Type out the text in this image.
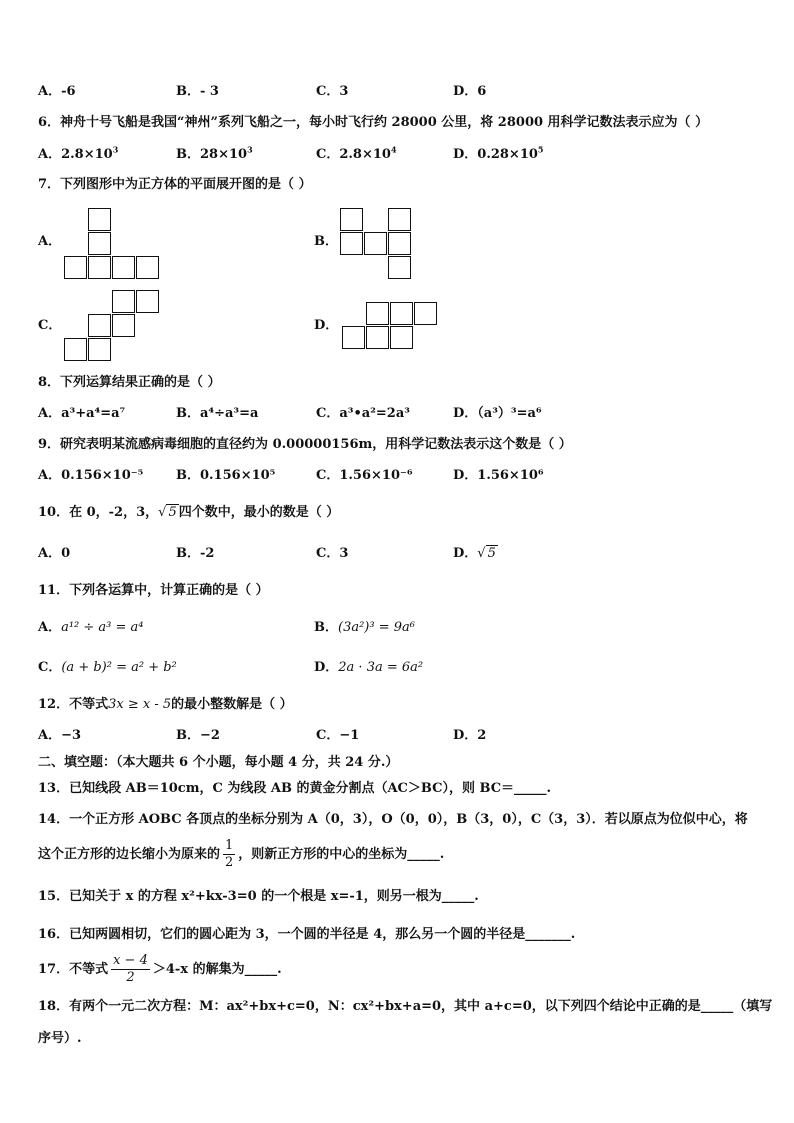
A．-6	B．- 3	C．3	D．6
6．神舟十号飞船是我国“神州”系列飞船之一，每小时飞行约 28000 公里，将 28000 用科学记数法表示应为（ ）
A．$2.8\times 10^3$	B．$28\times 10^3$	C．$2.8\times 10^4$	D．$0.28\times 10^5$
7．下列图形中为正方体的平面展开图的是（ ）
A．	B．
C．	D．
8．下列运算结果正确的是（ ）
A．a³+a⁴=a⁷	B．a⁴÷a³=a	C．a³•a²=2a³	D．（a³）³=a⁶
9．研究表明某流感病毒细胞的直径约为 0.00000156m，用科学记数法表示这个数是（ ）
A．0.156×10⁻⁵	B．0.156×10⁵	C．1.56×10⁻⁶	D．1.56×10⁶
10．在 0，-2，3，√ 5 四个数中，最小的数是（ ）
A．0	B．-2	C．3	D．√ 5
11．下列各运算中，计算正确的是（ ）
A．a¹² ÷ a³ = a⁴	B．(3a²)³ = 9a⁶
C．(a + b)² = a² + b²	D．2a · 3a = 6a²
12．不等式3x ≥ x - 5的最小整数解是（ ）
A．−3	B．−2	C．−1	D．2
二、填空题：（本大题共 6 个小题，每小题 4 分，共 24 分.）
13．已知线段 AB＝10cm，C 为线段 AB 的黄金分割点（AC＞BC），则 BC＝_____.
14．一个正方形 AOBC 各顶点的坐标分别为 A（0，3），O（0，0），B（3，0），C（3，3）．若以原点为位似中心，将
这个正方形的边长缩小为原来的 $\frac{1}{2}$ ，则新正方形的中心的坐标为_____.
15．已知关于 x 的方程 x²+kx-3=0 的一个根是 x=-1，则另一根为_____.
16．已知两圆相切，它们的圆心距为 3，一个圆的半径是 4，那么另一个圆的半径是_______.
17．不等式 $\frac{x - 4}{2} >4-x$ 的解集为_____.
18．有两个一元二次方程：M：ax²+bx+c=0，N：cx²+bx+a=0，其中 a+c=0，以下列四个结论中正确的是_____（填写
序号）.
